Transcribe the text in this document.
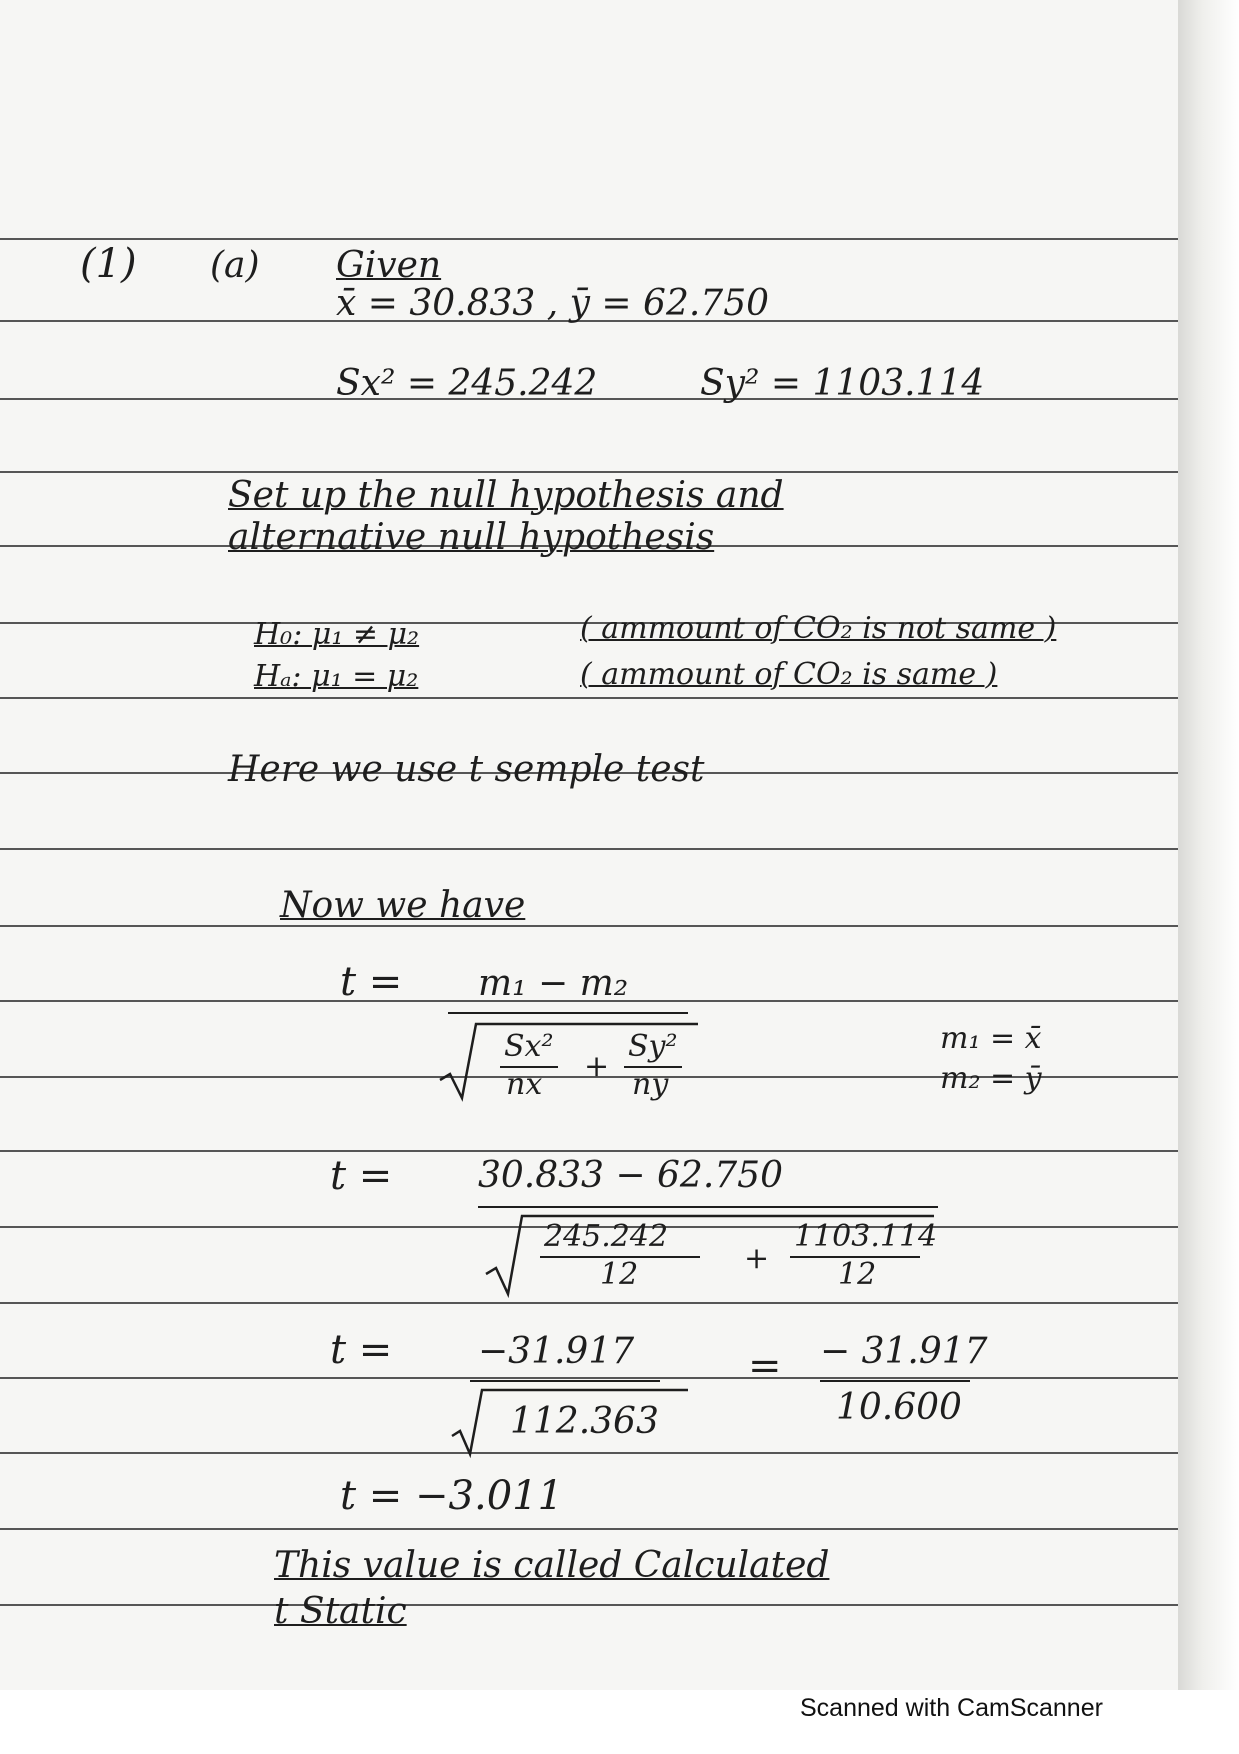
(1) (a) Given
x̄ = 30.833 , ȳ = 62.750
Sx² = 245.242	Sy² = 1103.114
Set up the null hypothesis and
alternative null hypothesis
H₀: μ₁ ≠ μ₂	( ammount of CO₂ is not same )
Hₐ: μ₁ = μ₂	( ammount of CO₂ is same )
Here we use t semple test
Now we have
t = m₁ − m₂
Sx²
nx
+
Sy²
ny
m₁ = x̄
m₂ = ȳ
t = 30.833 − 62.750
245.242
12	+
1103.114
12
t = −31.917
112.363
= − 31.917
10.600
t = −3.011
This value is called Calculated
t Static
Scanned with CamScanner
